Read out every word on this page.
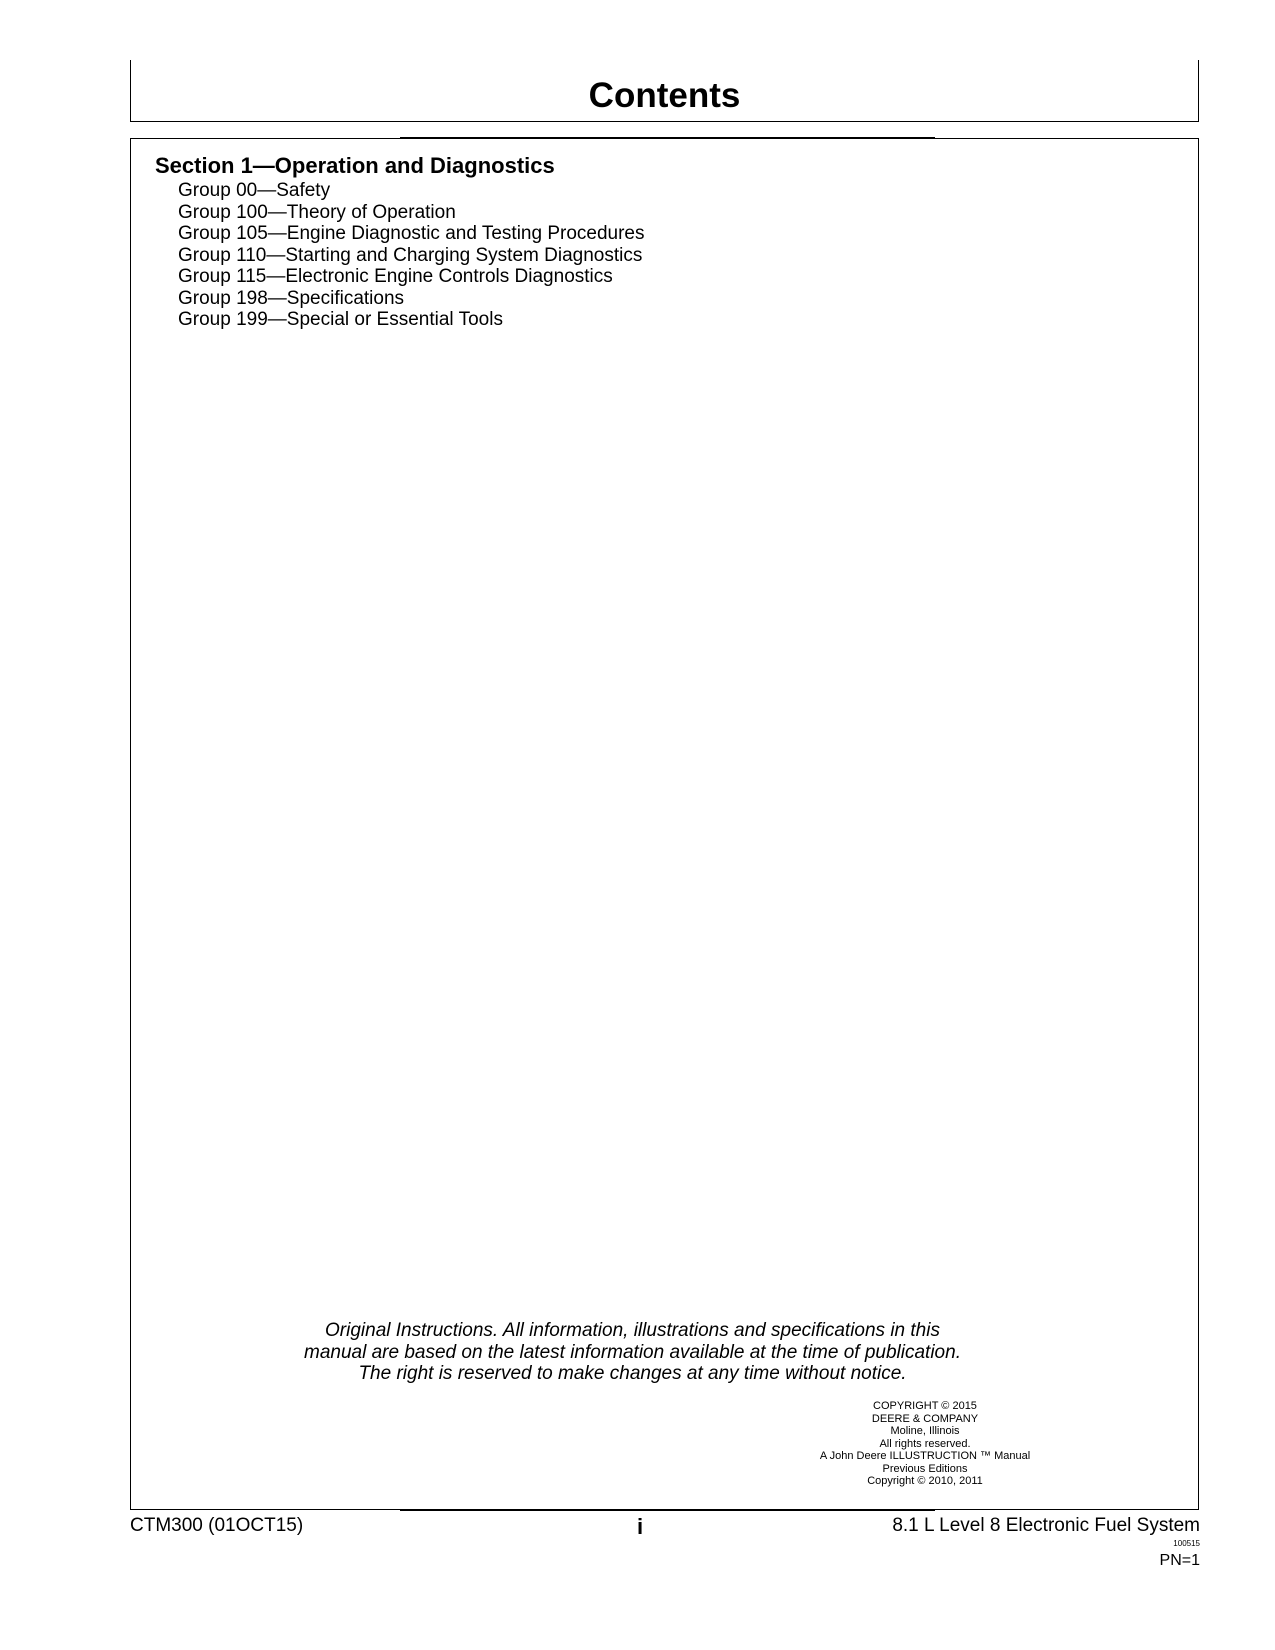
Contents
Section 1—Operation and Diagnostics
Group 00—Safety
Group 100—Theory of Operation
Group 105—Engine Diagnostic and Testing Procedures
Group 110—Starting and Charging System Diagnostics
Group 115—Electronic Engine Controls Diagnostics
Group 198—Specifications
Group 199—Special or Essential Tools
Original Instructions. All information, illustrations and specifications in this
manual are based on the latest information available at the time of publication.
The right is reserved to make changes at any time without notice.
COPYRIGHT © 2015
DEERE & COMPANY
Moline, Illinois
All rights reserved.
A John Deere ILLUSTRUCTION ™ Manual
Previous Editions
Copyright © 2010, 2011
CTM300 (01OCT15)	i	8.1 L Level 8 Electronic Fuel System
100515
PN=1
